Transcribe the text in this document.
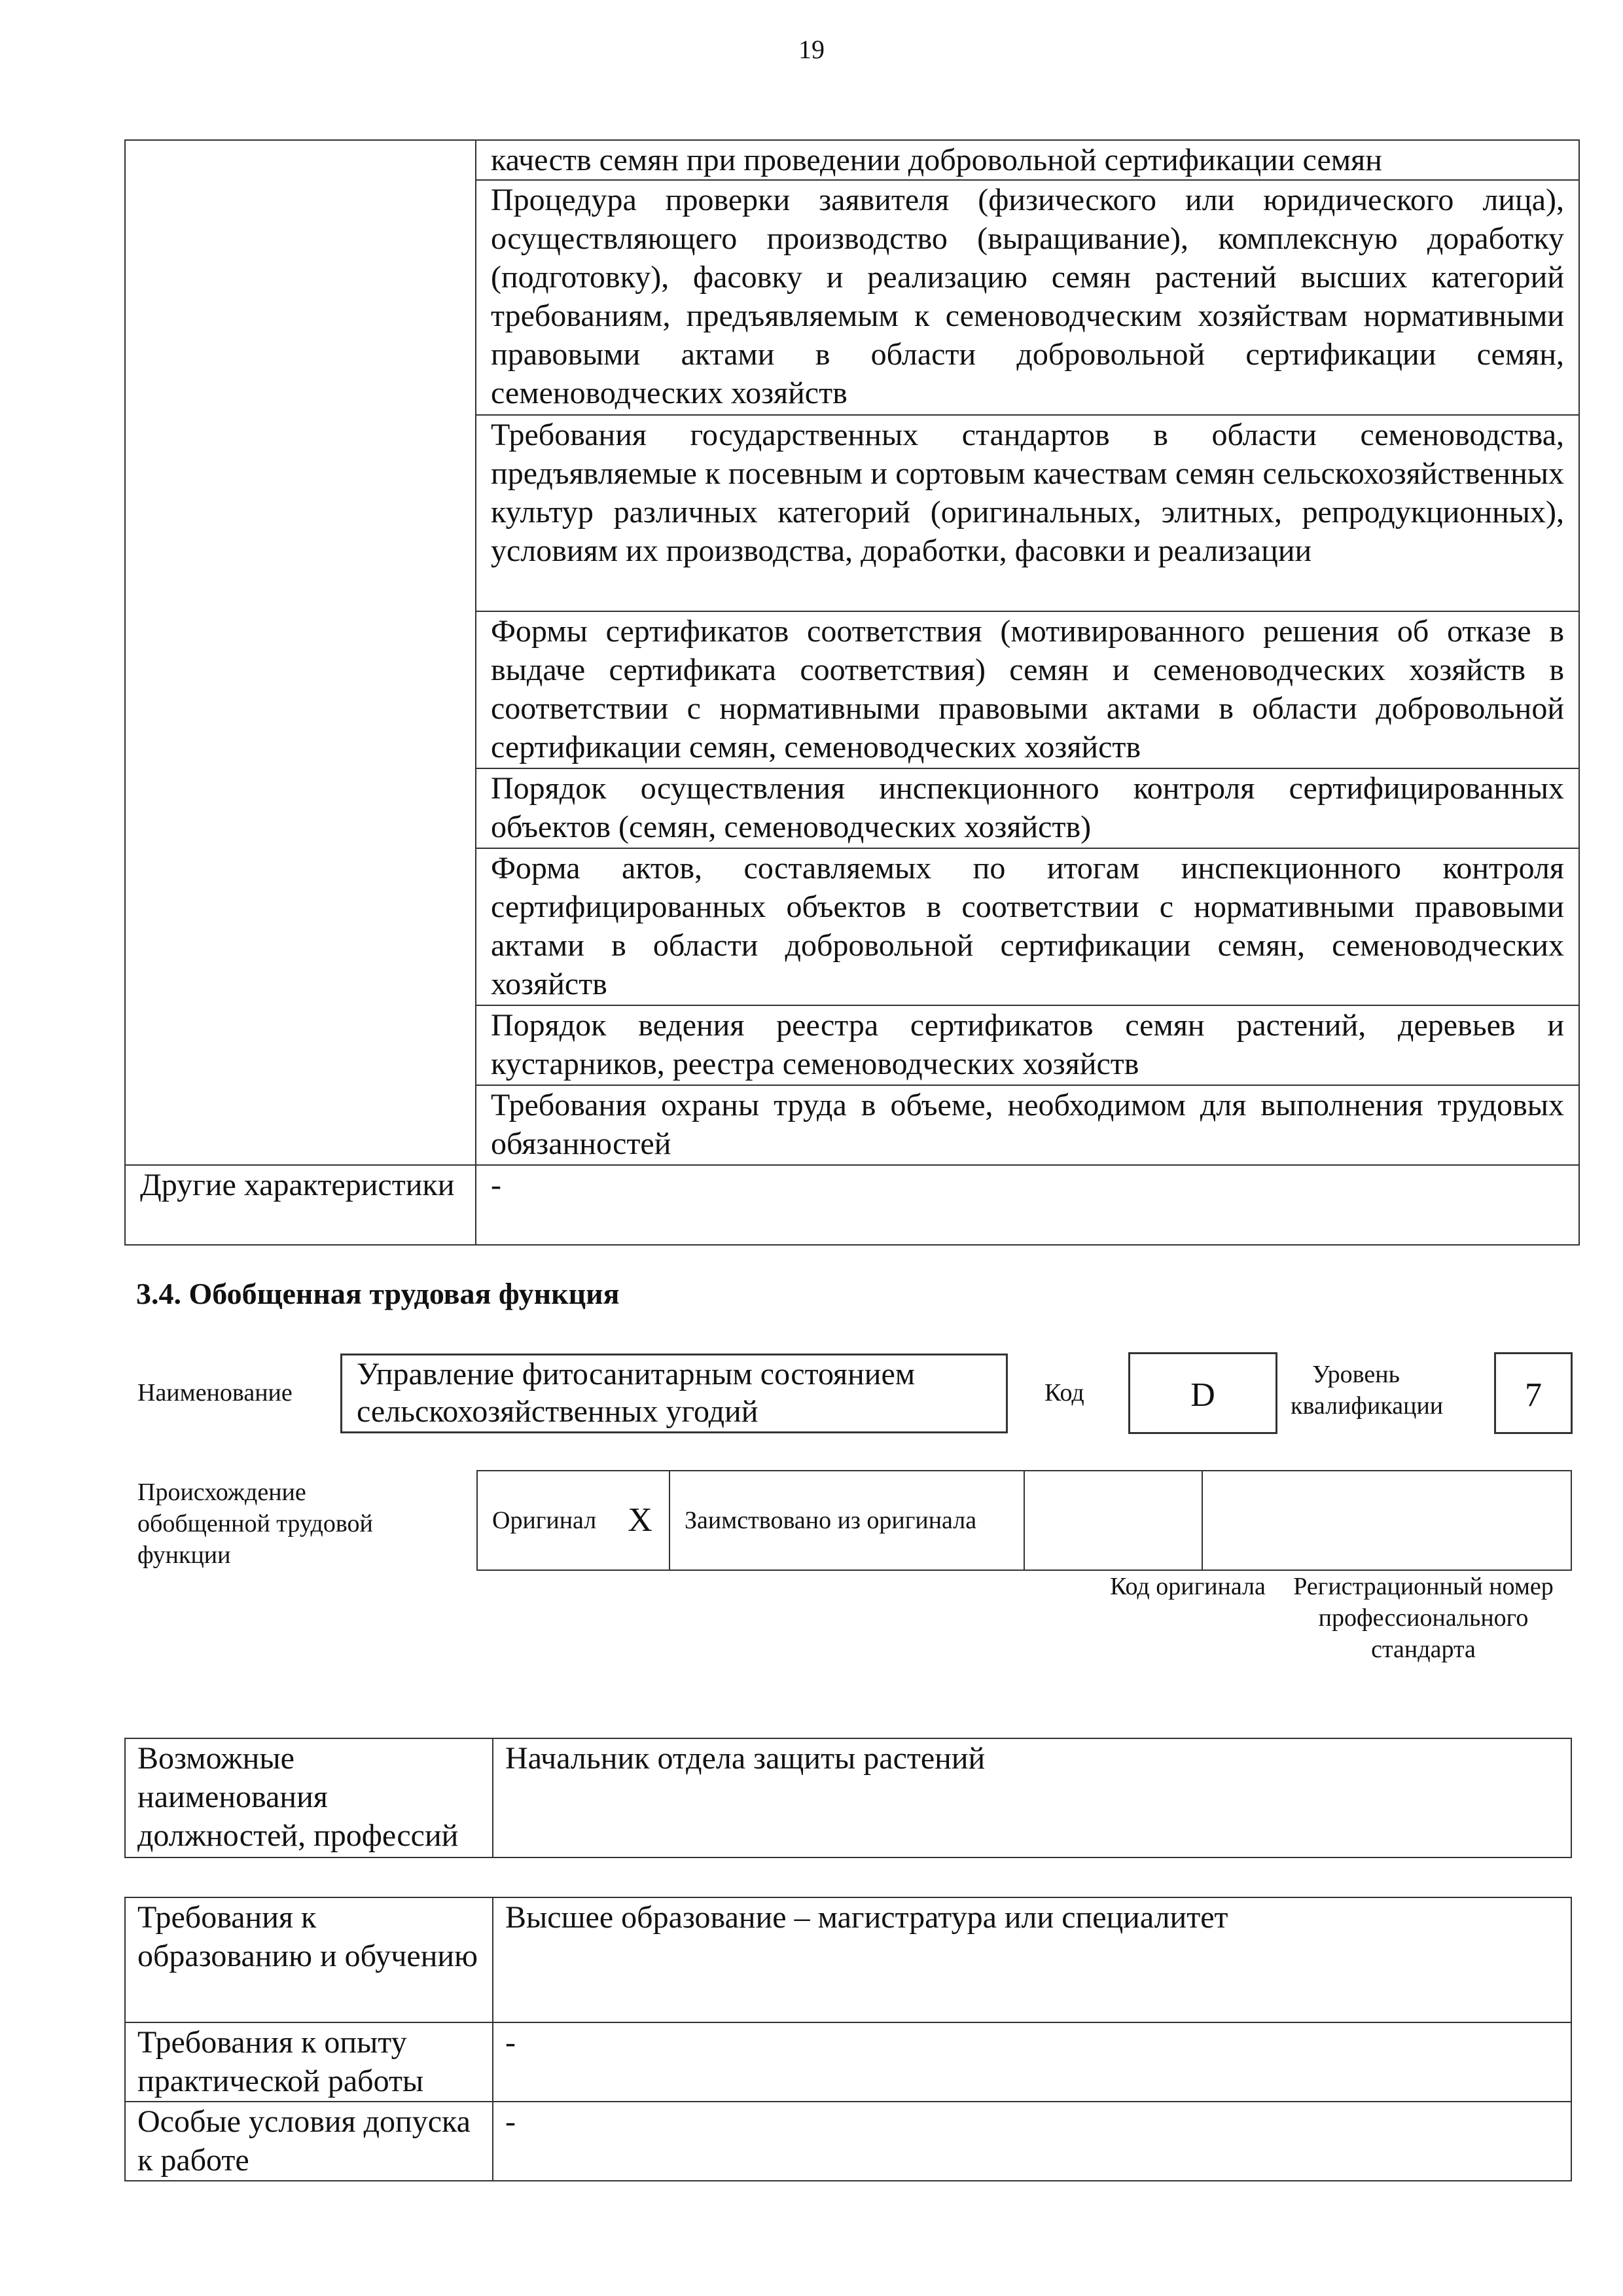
19
	качеств семян при проведении добровольной сертификации семян
	Процедура проверки заявителя (физического или юридического лица), осуществляющего производство (выращивание), комплексную доработку (подготовку), фасовку и реализацию семян растений высших категорий требованиям, предъявляемым к семеноводческим хозяйствам нормативными правовыми актами в области добровольной сертификации семян, семеноводческих хозяйств
	Требования государственных стандартов в области семеноводства, предъявляемые к посевным и сортовым качествам семян сельскохозяйственных культур различных категорий (оригинальных, элитных, репродукционных), условиям их производства, доработки, фасовки и реализации
	Формы сертификатов соответствия (мотивированного решения об отказе в выдаче сертификата соответствия) семян и семеноводческих хозяйств в соответствии с нормативными правовыми актами в области добровольной сертификации семян, семеноводческих хозяйств
	Порядок осуществления инспекционного контроля сертифицированных объектов (семян, семеноводческих хозяйств)
	Форма актов, составляемых по итогам инспекционного контроля сертифицированных объектов в соответствии с нормативными правовыми актами в области добровольной сертификации семян, семеноводческих хозяйств
	Порядок ведения реестра сертификатов семян растений, деревьев и кустарников, реестра семеноводческих хозяйств
	Требования охраны труда в объеме, необходимом для выполнения трудовых обязанностей
Другие характеристики	-
3.4. Обобщенная трудовая функция
Наименование
Управление фитосанитарным состоянием сельскохозяйственных угодий
Код	D
Уровень квалификации	7
Происхождение обобщенной трудовой функции
Оригинал	X	Заимствовано из оригинала		
Код оригинала	Регистрационный номер профессионального стандарта
Возможные наименования должностей, профессий	Начальник отдела защиты растений
Требования к образованию и обучению	Высшее образование – магистратура или специалитет
Требования к опыту практической работы	-
Особые условия допуска к работе	-
